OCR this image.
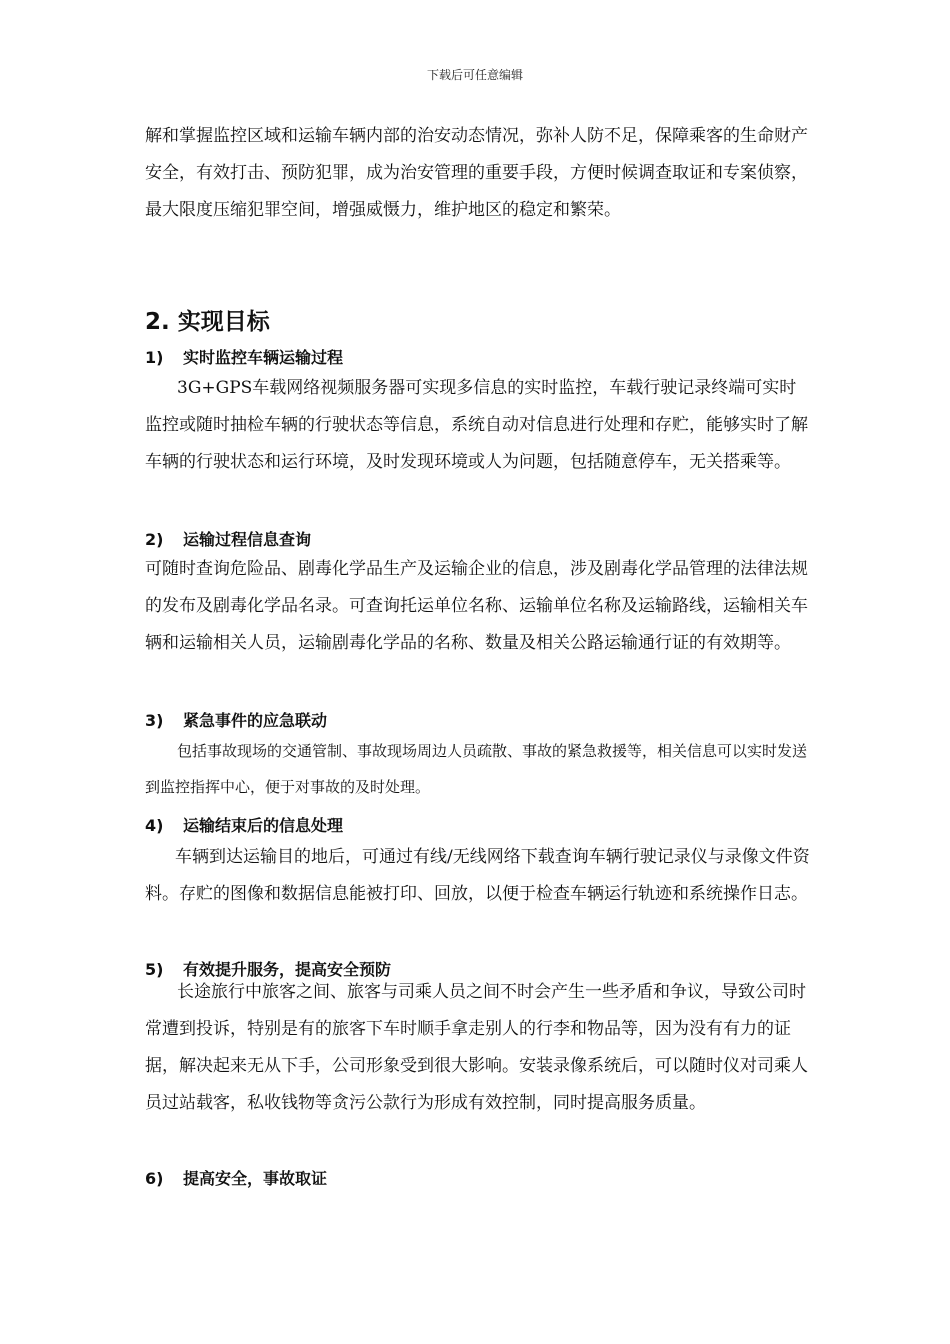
下载后可任意编辑

解和掌握监控区域和运输车辆内部的治安动态情况，弥补人防不足，保障乘客的生命财产安全，有效打击、预防犯罪，成为治安管理的重要手段，方便时候调查取证和专案侦察，最大限度压缩犯罪空间，增强威慑力，维护地区的稳定和繁荣。

2. 实现目标
1) 实时监控车辆运输过程

3G+GPS车载网络视频服务器可实现多信息的实时监控，车载行驶记录终端可实时监控或随时抽检车辆的行驶状态等信息，系统自动对信息进行处理和存贮，能够实时了解车辆的行驶状态和运行环境，及时发现环境或人为问题，包括随意停车，无关搭乘等。

2) 运输过程信息查询

可随时查询危险品、剧毒化学品生产及运输企业的信息，涉及剧毒化学品管理的法律法规的发布及剧毒化学品名录。可查询托运单位名称、运输单位名称及运输路线，运输相关车辆和运输相关人员，运输剧毒化学品的名称、数量及相关公路运输通行证的有效期等。

3) 紧急事件的应急联动

包括事故现场的交通管制、事故现场周边人员疏散、事故的紧急救援等，相关信息可以实时发送到监控指挥中心，便于对事故的及时处理。

4) 运输结束后的信息处理

车辆到达运输目的地后，可通过有线/无线网络下载查询车辆行驶记录仪与录像文件资料。存贮的图像和数据信息能被打印、回放，以便于检查车辆运行轨迹和系统操作日志。

5) 有效提升服务，提高安全预防

长途旅行中旅客之间、旅客与司乘人员之间不时会产生一些矛盾和争议，导致公司时常遭到投诉，特别是有的旅客下车时顺手拿走别人的行李和物品等，因为没有有力的证据，解决起来无从下手，公司形象受到很大影响。安装录像系统后，可以随时仪对司乘人员过站载客，私收钱物等贪污公款行为形成有效控制，同时提高服务质量。

6) 提高安全，事故取证
